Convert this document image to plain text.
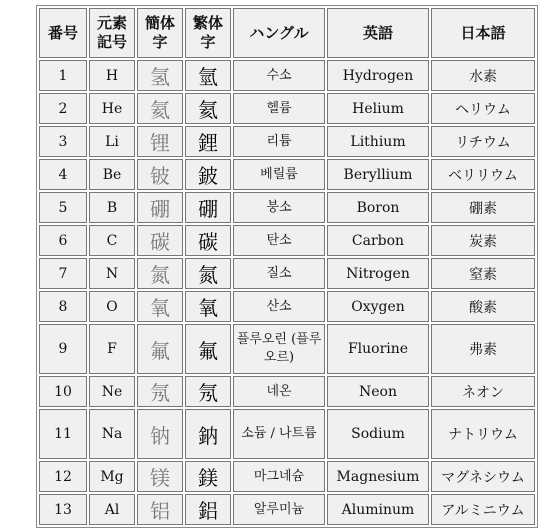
番号	元素記号	簡体字	繁体字	ハングル	英語	日本語
1	H	氢	氫	수소	Hydrogen	水素
2	He	氦	氦	헬륨	Helium	ヘリウム
3	Li	锂	鋰	리튬	Lithium	リチウム
4	Be	铍	鈹	베릴륨	Beryllium	ベリリウム
5	B	硼	硼	붕소	Boron	硼素
6	C	碳	碳	탄소	Carbon	炭素
7	N	氮	氮	질소	Nitrogen	窒素
8	O	氧	氧	산소	Oxygen	酸素
9	F	氟	氟	플루오린 (플루오르)	Fluorine	弗素
10	Ne	氖	氖	네온	Neon	ネオン
11	Na	钠	鈉	소듐 / 나트륨	Sodium	ナトリウム
12	Mg	镁	鎂	마그네슘	Magnesium	マグネシウム
13	Al	铝	鋁	알루미늄	Aluminum	アルミニウム
